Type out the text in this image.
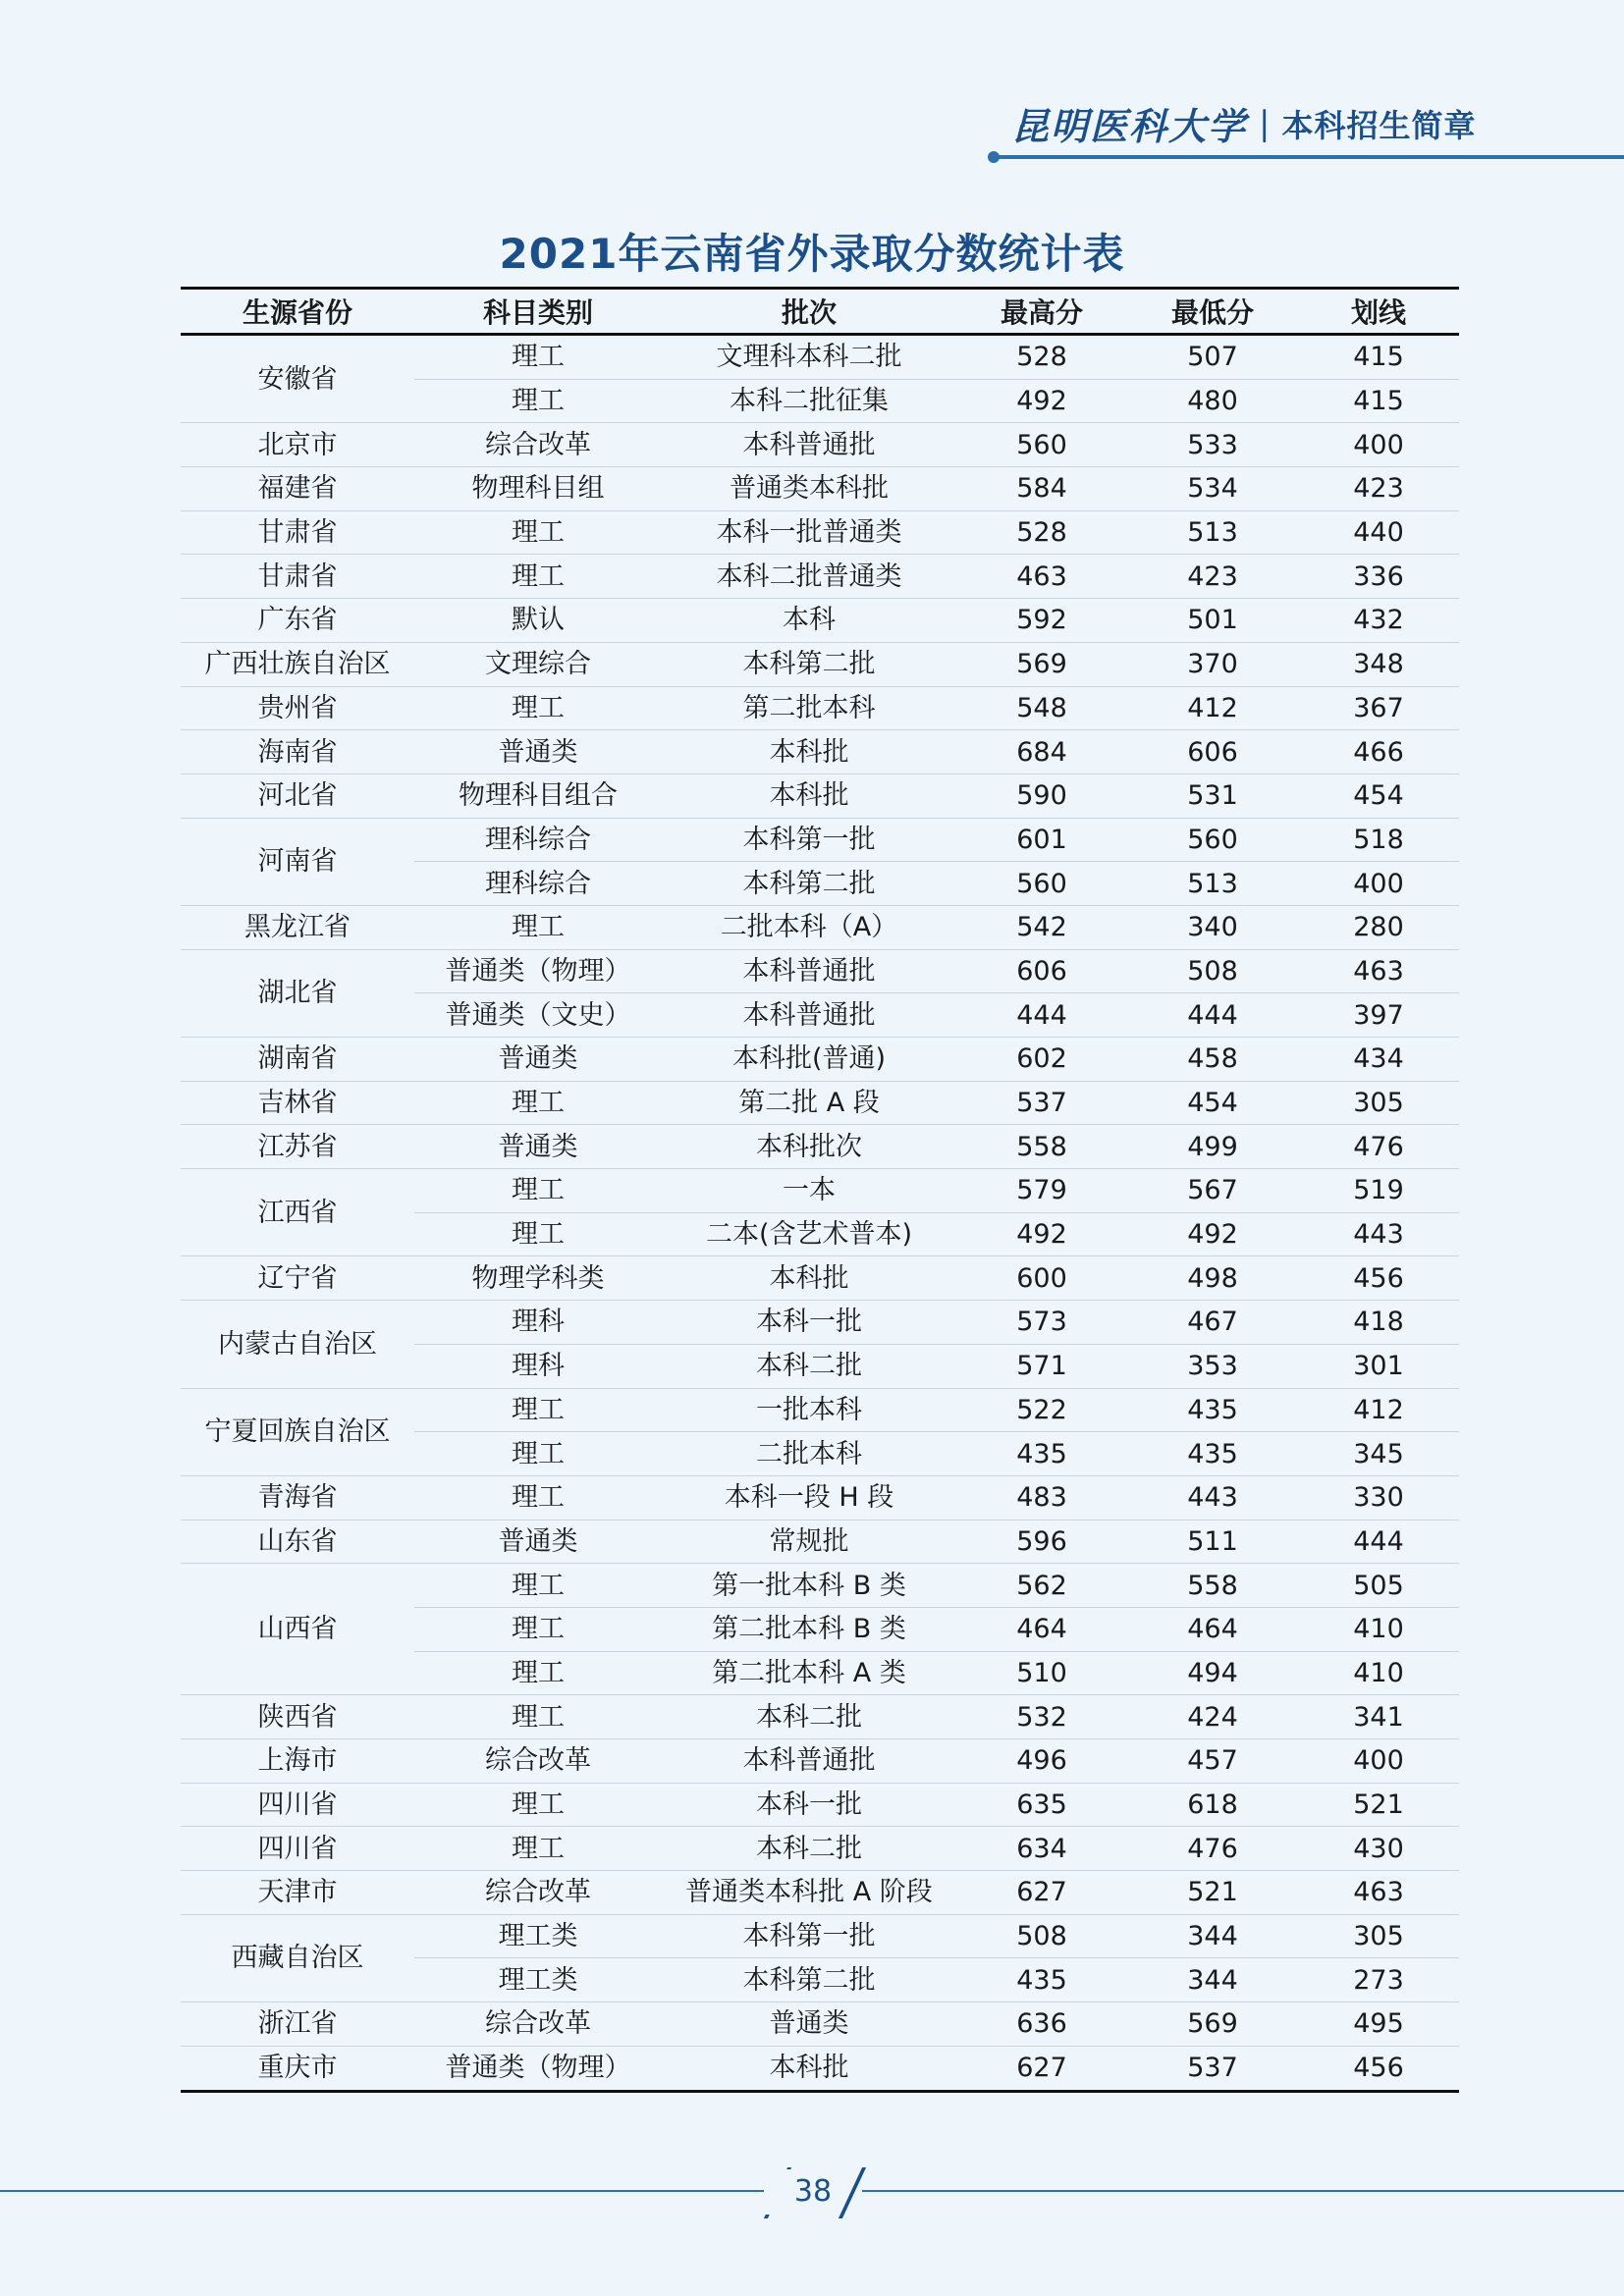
昆明医科大学 | 本科招生简章
2021年云南省外录取分数统计表
生源省份	科目类别	批次	最高分	最低分	划线
安徽省	理工	文理科本科二批	528	507	415
	理工	本科二批征集	492	480	415
北京市	综合改革	本科普通批	560	533	400
福建省	物理科目组	普通类本科批	584	534	423
甘肃省	理工	本科一批普通类	528	513	440
甘肃省	理工	本科二批普通类	463	423	336
广东省	默认	本科	592	501	432
广西壮族自治区	文理综合	本科第二批	569	370	348
贵州省	理工	第二批本科	548	412	367
海南省	普通类	本科批	684	606	466
河北省	物理科目组合	本科批	590	531	454
河南省	理科综合	本科第一批	601	560	518
	理科综合	本科第二批	560	513	400
黑龙江省	理工	二批本科（A）	542	340	280
湖北省	普通类（物理）	本科普通批	606	508	463
	普通类（文史）	本科普通批	444	444	397
湖南省	普通类	本科批(普通)	602	458	434
吉林省	理工	第二批 A 段	537	454	305
江苏省	普通类	本科批次	558	499	476
江西省	理工	一本	579	567	519
	理工	二本(含艺术普本)	492	492	443
辽宁省	物理学科类	本科批	600	498	456
内蒙古自治区	理科	本科一批	573	467	418
	理科	本科二批	571	353	301
宁夏回族自治区	理工	一批本科	522	435	412
	理工	二批本科	435	435	345
青海省	理工	本科一段 H 段	483	443	330
山东省	普通类	常规批	596	511	444
山西省	理工	第一批本科 B 类	562	558	505
	理工	第二批本科 B 类	464	464	410
	理工	第二批本科 A 类	510	494	410
陕西省	理工	本科二批	532	424	341
上海市	综合改革	本科普通批	496	457	400
四川省	理工	本科一批	635	618	521
四川省	理工	本科二批	634	476	430
天津市	综合改革	普通类本科批 A 阶段	627	521	463
西藏自治区	理工类	本科第一批	508	344	305
	理工类	本科第二批	435	344	273
浙江省	综合改革	普通类	636	569	495
重庆市	普通类（物理）	本科批	627	537	456
38
